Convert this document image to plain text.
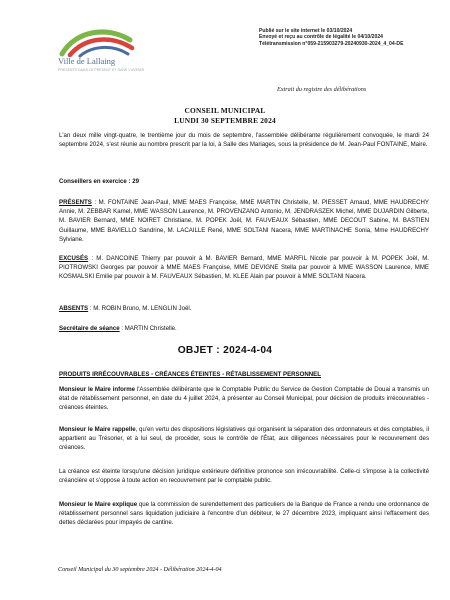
Ville de Lallaing
PRÉSENTE DANS LE PRÉSENT ET DANS L'AVENIR
Publié sur le site internet le 03/10/2024
Envoyé et reçu au contrôle de légalité le 04/10/2024
Télétransmission n°059-215903279-20240930-2024_4_04-DE
Extrait du registre des délibérations
CONSEIL MUNICIPAL
LUNDI 30 SEPTEMBRE 2024
L'an deux mille vingt-quatre, le trentième jour du mois de septembre, l'assemblée délibérante régulièrement convoquée, le mardi 24 septembre 2024, s'est réunie au nombre prescrit par la loi, à Salle des Mariages, sous la présidence de M. Jean-Paul FONTAINE, Maire.
Conseillers en exercice : 29
PRÉSENTS : M. FONTAINE Jean-Paul, MME MAES Françoise, MME MARTIN Christelle, M. PIESSET Arnaud, MME HAUDRECHY Annie, M. ZEBBAR Kamel, MME WASSON Laurence, M. PROVENZANO Antonio, M. JENDRASZEK Michel, MME DUJARDIN Gilberte, M. BAVIER Bernard, MME NOIRET Christiane, M. POPEK Joël, M. FAUVEAUX Sébastien, MME DECOUT Sabine, M. BASTIEN Guillaume, MME BAVIELLO Sandrine, M. LACAILLE René, MME SOLTANI Nacera, MME MARTINACHE Sonia, Mme HAUDRECHY Sylviane.
EXCUSÉS : M. DANCOINE Thierry par pouvoir à M. BAVIER Bernard, MME MARFIL Nicole par pouvoir à M. POPEK Joël, M. PIOTROWSKI Georges par pouvoir à MME MAES Françoise, MME DEVIGNE Stella par pouvoir à MME WASSON Laurence, MME KOSMALSKI Emilie par pouvoir à M. FAUVEAUX Sébastien, M. KLEE Alain par pouvoir à MME SOLTANI Nacera.
ABSENTS : M. ROBIN Bruno, M. LENGLIN Joël.
Secrétaire de séance : MARTIN Christelle.
OBJET : 2024-4-04
PRODUITS IRRÉCOUVRABLES - CRÉANCES ÉTEINTES - RÉTABLISSEMENT PERSONNEL
Monsieur le Maire informe l'Assemblée délibérante que le Comptable Public du Service de Gestion Comptable de Douai a transmis un état de rétablissement personnel, en date du 4 juillet 2024, à présenter au Conseil Municipal, pour décision de produits irrécouvrables - créances éteintes.
Monsieur le Maire rappelle, qu'en vertu des dispositions législatives qui organisent la séparation des ordonnateurs et des comptables, il appartient au Trésorier, et à lui seul, de procéder, sous le contrôle de l'État, aux diligences nécessaires pour le recouvrement des créances.
La créance est éteinte lorsqu'une décision juridique extérieure définitive prononce son irrécouvrabilité. Celle-ci s'impose à la collectivité créancière et s'oppose à toute action en recouvrement par le comptable public.
Monsieur le Maire explique que la commission de surendettement des particuliers de la Banque de France a rendu une ordonnance de rétablissement personnel sans liquidation judiciaire à l'encontre d'un débiteur, le 27 décembre 2023, impliquant ainsi l'effacement des dettes déclarées pour impayés de cantine.
Conseil Municipal du 30 septembre 2024 - Délibération 2024-4-04
